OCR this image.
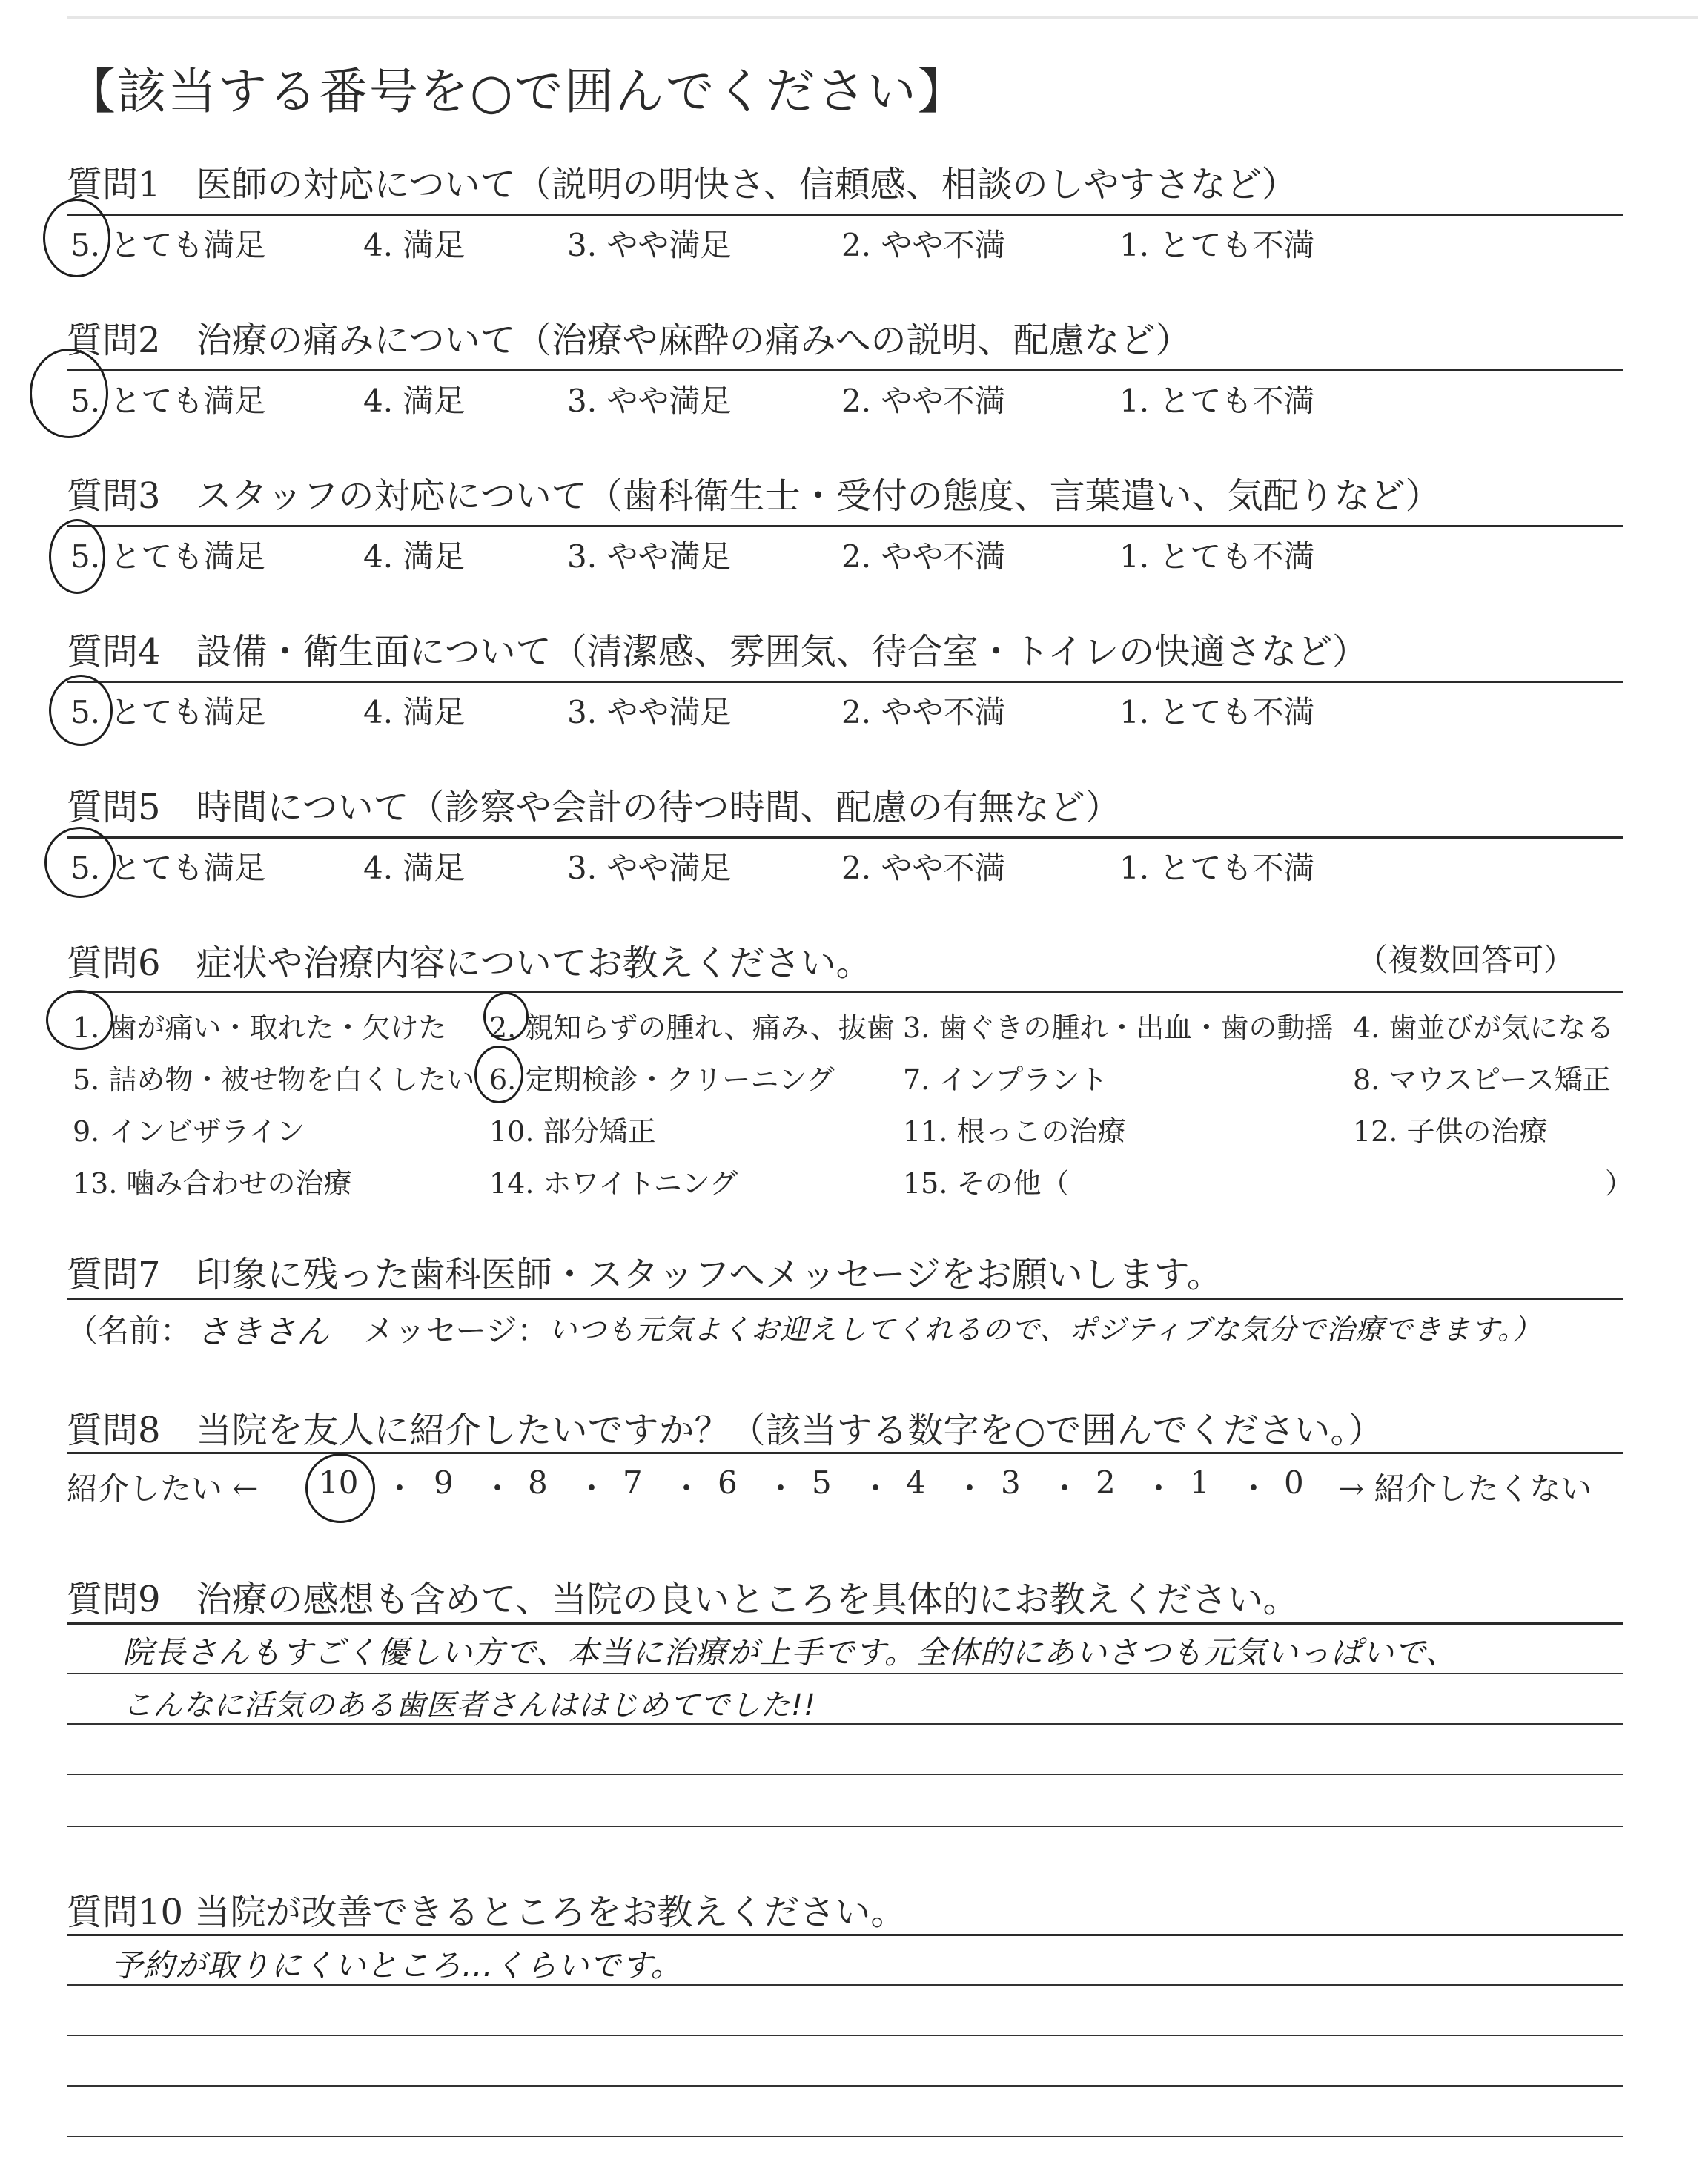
【該当する番号を○で囲んでください】
質問1　医師の対応について（説明の明快さ、信頼感、相談のしやすさなど）
5. とても満足	4. 満足	3. やや満足	2. やや不満	1. とても不満
質問2　治療の痛みについて（治療や麻酔の痛みへの説明、配慮など）
5. とても満足	4. 満足	3. やや満足	2. やや不満	1. とても不満
質問3　スタッフの対応について（歯科衛生士・受付の態度、言葉遣い、気配りなど）
5. とても満足	4. 満足	3. やや満足	2. やや不満	1. とても不満
質問4　設備・衛生面について（清潔感、雰囲気、待合室・トイレの快適さなど）
5. とても満足	4. 満足	3. やや満足	2. やや不満	1. とても不満
質問5　時間について（診察や会計の待つ時間、配慮の有無など）
5. とても満足	4. 満足	3. やや満足	2. やや不満	1. とても不満
質問6　症状や治療内容についてお教えください。	（複数回答可）
1. 歯が痛い・取れた・欠けた 2. 親知らずの腫れ、痛み、抜歯 3. 歯ぐきの腫れ・出血・歯の動揺 4. 歯並びが気になる
5. 詰め物・被せ物を白くしたい 6. 定期検診・クリーニング 7. インプラント	8. マウスピース矯正
9. インビザライン	10. 部分矯正	11. 根っこの治療	12. 子供の治療
13. 噛み合わせの治療	14. ホワイトニング	15. その他（	）
質問7　印象に残った歯科医師・スタッフへメッセージをお願いします。
（名前： さきさん メッセージ： いつも元気よくお迎えしてくれるので、ポジティブな気分で治療できます。）
質問8　当院を友人に紹介したいですか？（該当する数字を○で囲んでください。）
紹介したい ← 10 ・ 9 ・ 8 ・ 7 ・ 6 ・ 5 ・ 4 ・ 3 ・ 2 ・ 1 ・ 0 → 紹介したくない
質問9　治療の感想も含めて、当院の良いところを具体的にお教えください。
院長さんもすごく優しい方で、本当に治療が上手です。全体的にあいさつも元気いっぱいで、
こんなに活気のある歯医者さんははじめてでした!!
質問10 当院が改善できるところをお教えください。
予約が取りにくいところ…くらいです。
